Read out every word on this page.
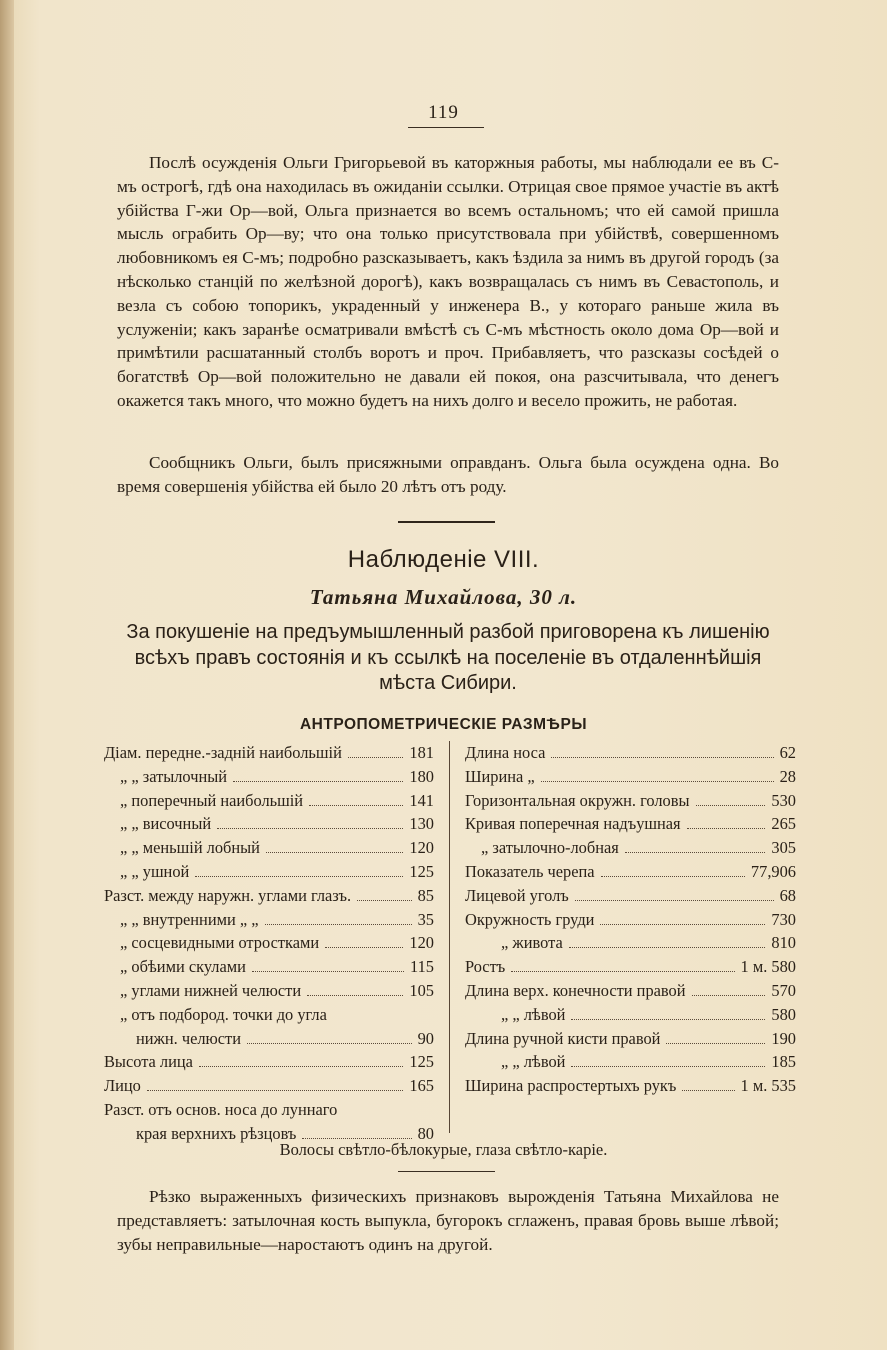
119

Послѣ осужденія Ольги Григорьевой въ каторжныя работы, мы наблюдали ее въ С-мъ острогѣ, гдѣ она находилась въ ожиданіи ссылки. Отрицая свое прямое участіе въ актѣ убійства Г-жи Ор—вой, Ольга признается во всемъ остальномъ; что ей самой пришла мысль ограбить Ор—ву; что она только присутствовала при убійствѣ, совершенномъ любовникомъ ея С-мъ; подробно разсказываетъ, какъ ѣздила за нимъ въ другой городъ (за нѣсколько станцій по желѣзной дорогѣ), какъ возвращалась съ нимъ въ Севастополь, и везла съ собою топорикъ, украденный у инженера В., у котораго раньше жила въ услуженіи; какъ заранѣе осматривали вмѣстѣ съ С-мъ мѣстность около дома Ор—вой и примѣтили расшатанный столбъ воротъ и проч. Прибавляетъ, что разсказы сосѣдей о богатствѣ Ор—вой положительно не давали ей покоя, она разсчитывала, что денегъ окажется такъ много, что можно будетъ на нихъ долго и весело прожить, не работая.

Сообщникъ Ольги, былъ присяжными оправданъ. Ольга была осуждена одна. Во время совершенія убійства ей было 20 лѣтъ отъ роду.

Наблюденіе VIII.
Татьяна Михайлова, 30 л.
За покушеніе на предъумышленный разбой приговорена къ лишенію всѣхъ правъ состоянія и къ ссылкѣ на поселеніе въ отдаленнѣйшія мѣста Сибири.
АНТРОПОМЕТРИЧЕСКІЕ РАЗМѢРЫ
Діам. передне.-задній наибольшій	181
„ „ затылочный	180
„ поперечный наибольшій	141
„ „ височный	130
„ „ меньшій лобный	120
„ „ ушной	125
Разст. между наружн. углами глазъ.	85
„ „ внутренними „ „	35
„ сосцевидными отростками	120
„ обѣими скулами	115
„ углами нижней челюсти	105
„ отъ подбород. точки до угла
нижн. челюсти	90
Высота лица	125
Лицо	165
Разст. отъ основ. носа до луннаго
края верхнихъ рѣзцовъ	80
Длина носа	62
Ширина „	28
Горизонтальная окружн. головы	530
Кривая поперечная надъушная	265
„ затылочно-лобная	305
Показатель черепа	77,906
Лицевой уголъ	68
Окружность груди	730
„ живота	810
Ростъ	1 м. 580
Длина верх. конечности правой	570
„ „ лѣвой	580
Длина ручной кисти правой	190
„ „ лѣвой	185
Ширина распростертыхъ рукъ	1 м. 535
Волосы свѣтло-бѣлокурые, глаза свѣтло-каріе.

Рѣзко выраженныхъ физическихъ признаковъ вырожденія Татьяна Михайлова не представляетъ: затылочная кость выпукла, бугорокъ сглаженъ, правая бровь выше лѣвой; зубы неправильные—наростаютъ одинъ на другой.
